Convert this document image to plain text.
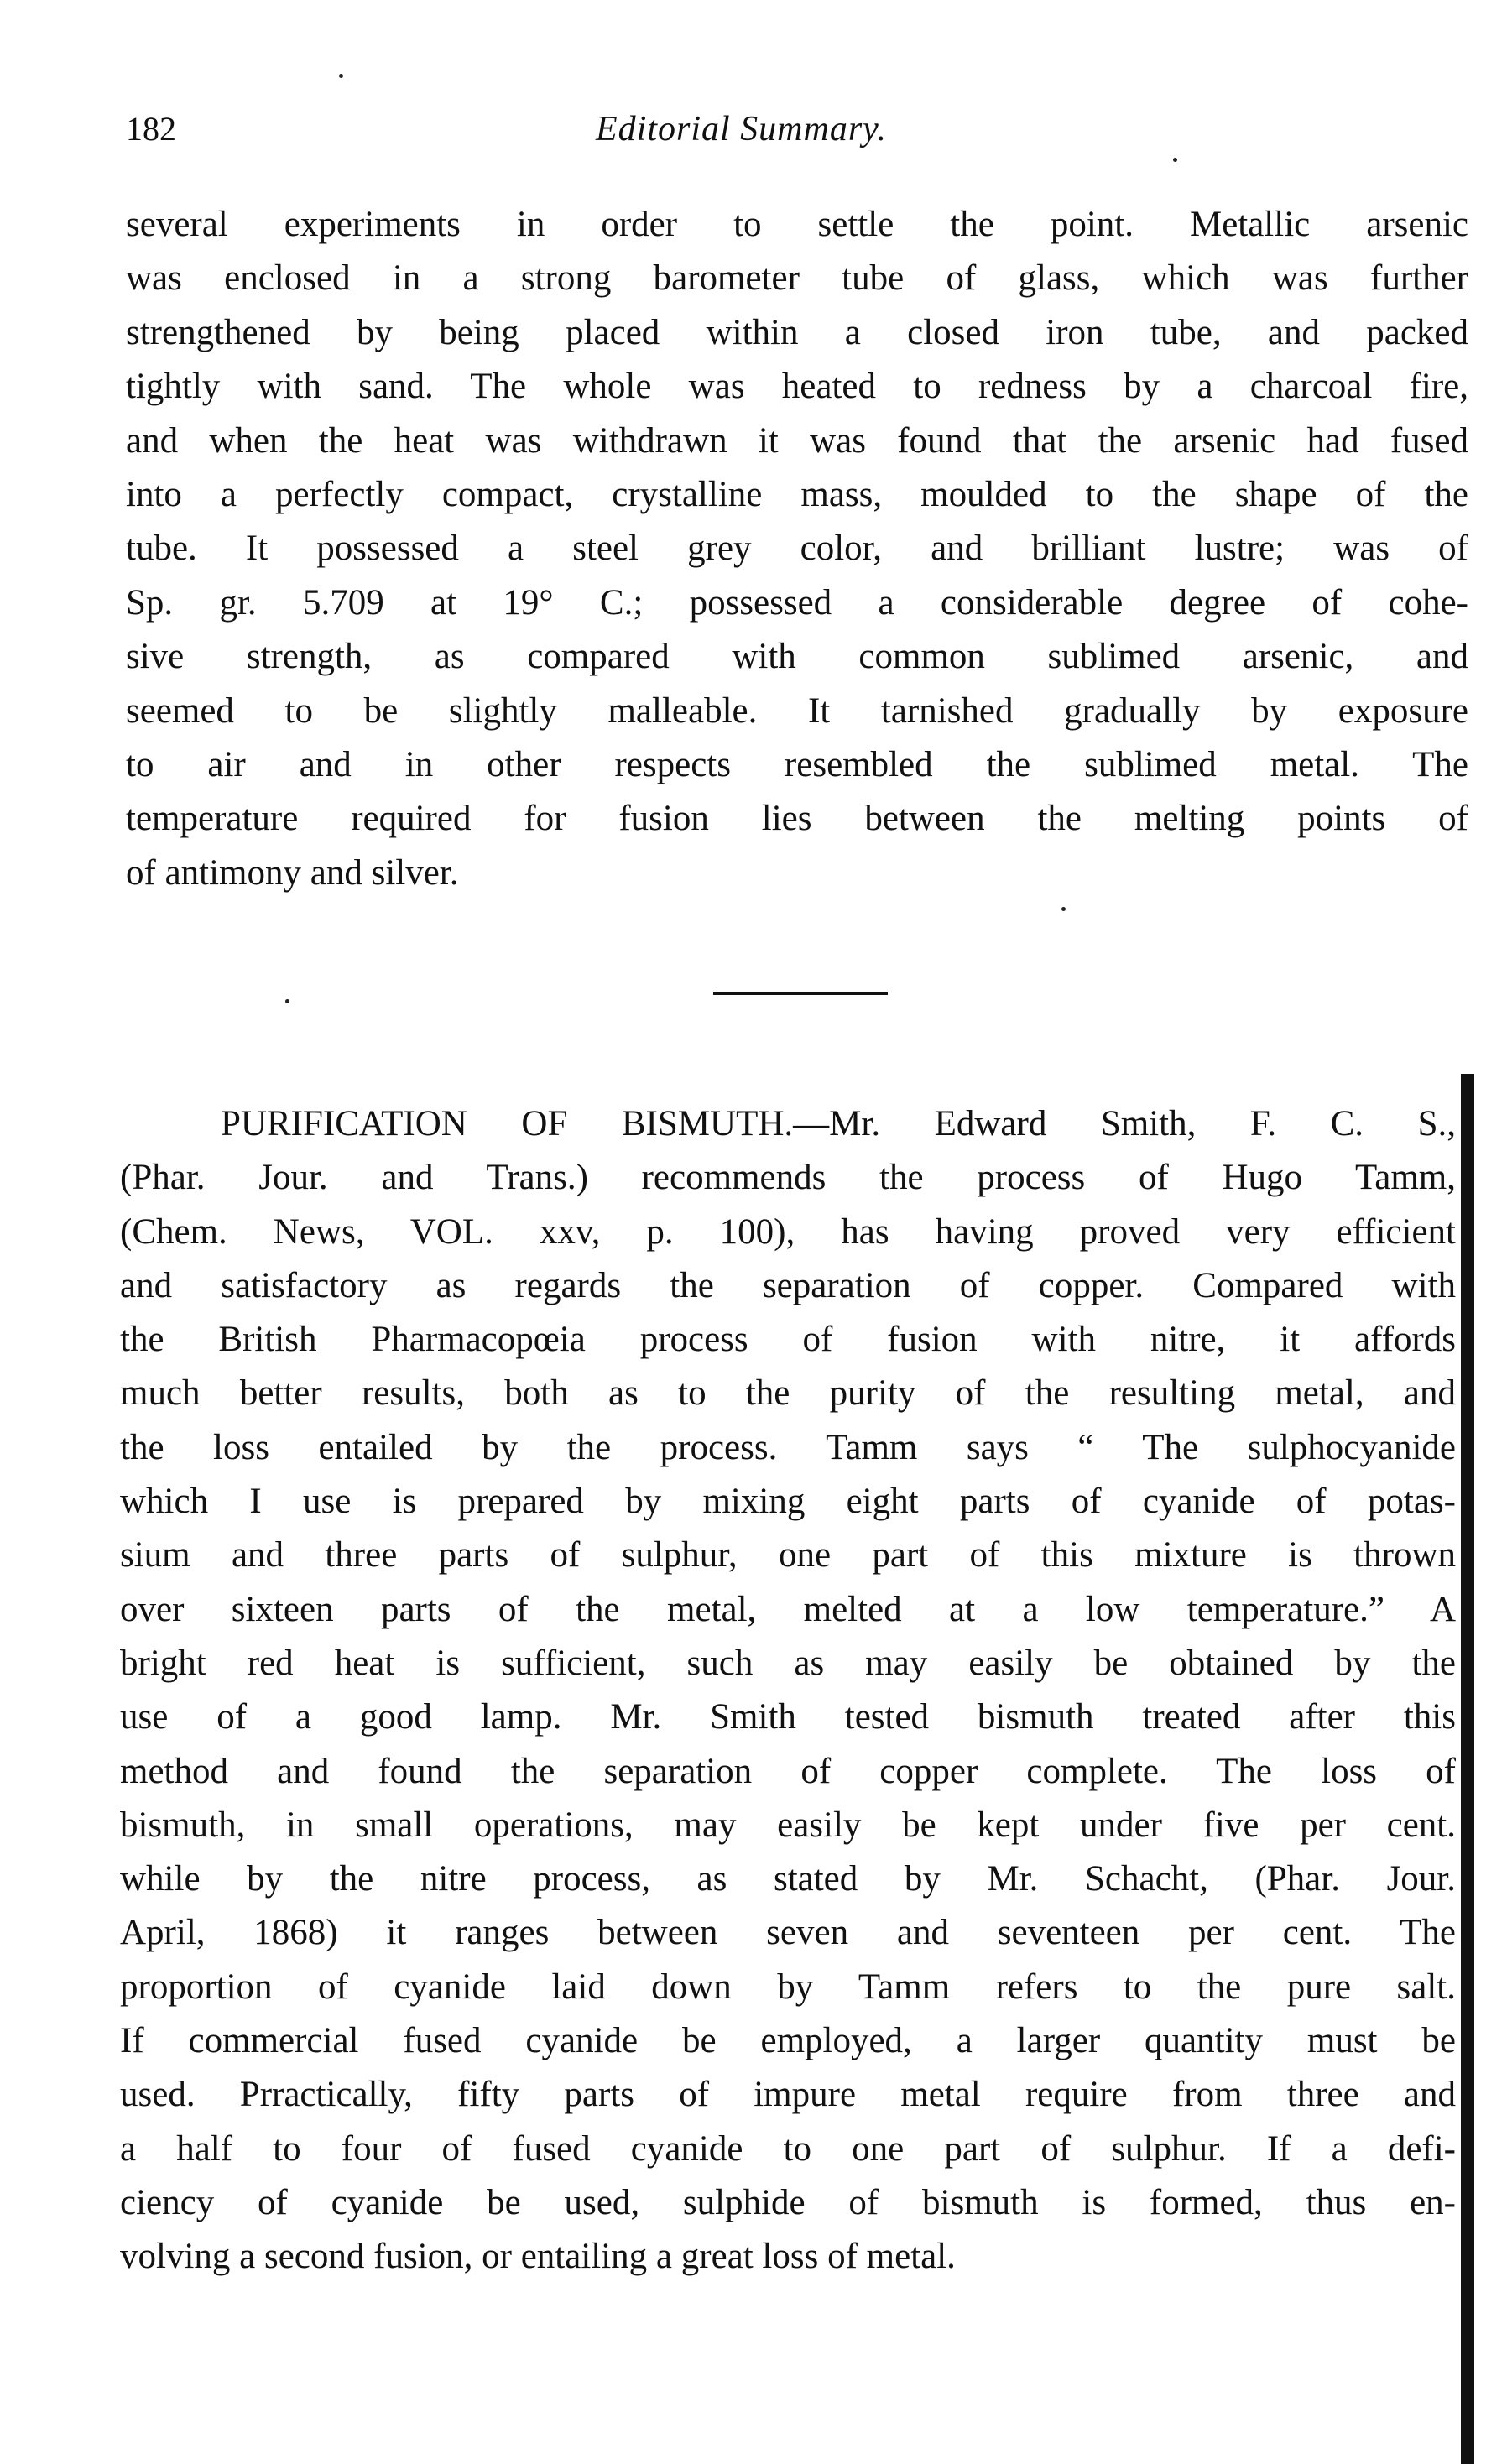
182	Editorial Summary.
several experiments in order to settle the point. Metallic arsenic
was enclosed in a strong barometer tube of glass, which was further
strengthened by being placed within a closed iron tube, and packed
tightly with sand. The whole was heated to redness by a charcoal fire,
and when the heat was withdrawn it was found that the arsenic had fused
into a perfectly compact, crystalline mass, moulded to the shape of the
tube. It possessed a steel grey color, and brilliant lustre; was of
Sp. gr. 5.709 at 19° C.; possessed a considerable degree of cohe-
sive strength, as compared with common sublimed arsenic, and
seemed to be slightly malleable. It tarnished gradually by exposure
to air and in other respects resembled the sublimed metal. The
temperature required for fusion lies between the melting points of
of antimony and silver.
PURIFICATION OF BISMUTH.—Mr. Edward Smith, F. C. S.,
(Phar. Jour. and Trans.) recommends the process of Hugo Tamm,
(Chem. News, VOL. xxv, p. 100), has having proved very efficient
and satisfactory as regards the separation of copper. Compared with
the British Pharmacopœia process of fusion with nitre, it affords
much better results, both as to the purity of the resulting metal, and
the loss entailed by the process. Tamm says “ The sulphocyanide
which I use is prepared by mixing eight parts of cyanide of potas-
sium and three parts of sulphur, one part of this mixture is thrown
over sixteen parts of the metal, melted at a low temperature.” A
bright red heat is sufficient, such as may easily be obtained by the
use of a good lamp. Mr. Smith tested bismuth treated after this
method and found the separation of copper complete. The loss of
bismuth, in small operations, may easily be kept under five per cent.
while by the nitre process, as stated by Mr. Schacht, (Phar. Jour.
April, 1868) it ranges between seven and seventeen per cent. The
proportion of cyanide laid down by Tamm refers to the pure salt.
If commercial fused cyanide be employed, a larger quantity must be
used. Prractically, fifty parts of impure metal require from three and
a half to four of fused cyanide to one part of sulphur. If a defi-
ciency of cyanide be used, sulphide of bismuth is formed, thus en-
volving a second fusion, or entailing a great loss of metal.
